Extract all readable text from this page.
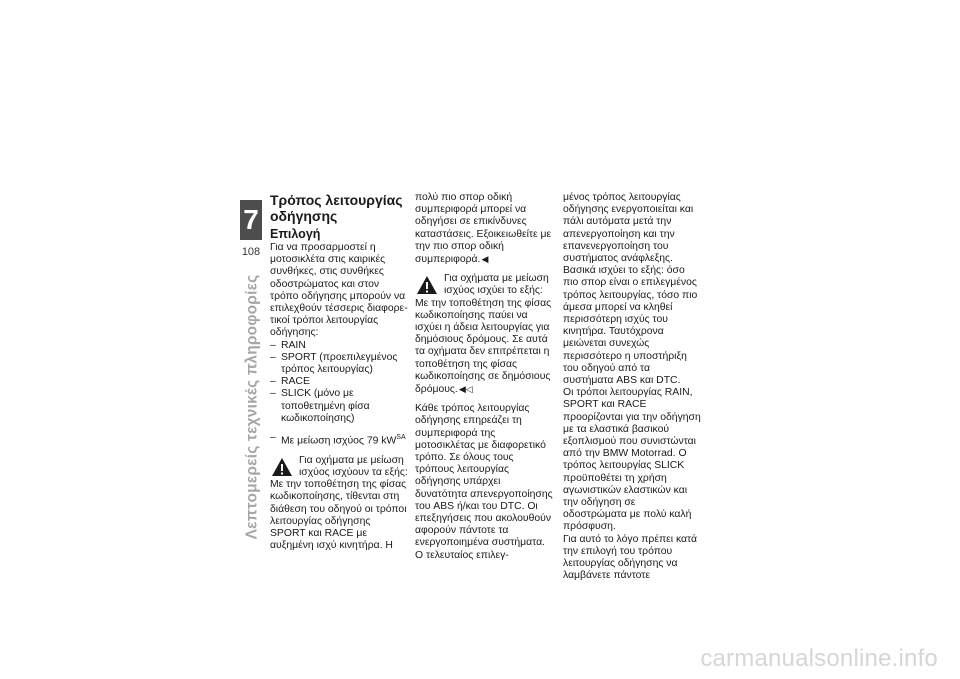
7
108
Λεπτομερείς τεχνικές πληροφορίες
Τρόπος λειτουργίας οδήγησης
Επιλογή

Για να προσαρμοστεί η μοτοσικλέτα στις καιρικές συνθήκες, στις συνθήκες οδοστρώματος και στον τρόπο οδήγησης μπορούν να επιλεχθούν τέσσερις διαφορετικοί τρόποι λειτουργίας οδήγησης:

– RAIN
– SPORT (προεπιλεγμένος τρόπος λειτουργίας)
– RACE
– SLICK (μόνο με τοποθετημένη φίσα κωδικοποίησης)
– Με μείωση ισχύος 79 $kW^{SA}$

Για οχήματα με μείωση ισχύος ισχύουν τα εξής: Με την τοποθέτηση της φίσας κωδικοποίησης, τίθενται στη διάθεση του οδηγού οι τρόποι λειτουργίας οδήγησης SPORT και RACE με αυξημένη ισχύ κινητήρα. Η

πολύ πιο σπορ οδική συμπεριφορά μπορεί να οδηγήσει σε επικίνδυνες καταστάσεις. Εξοικειωθείτε με την πιο σπορ οδική συμπεριφορά.◀

Για οχήματα με μείωση ισχύος ισχύει το εξής: Με την τοποθέτηση της φίσας κωδικοποίησης παύει να ισχύει η άδεια λειτουργίας για δημόσιους δρόμους. Σε αυτά τα οχήματα δεν επιτρέπεται η τοποθέτηση της φίσας κωδικοποίησης σε δημόσιους δρόμους.◀◁

Κάθε τρόπος λειτουργίας οδήγησης επηρεάζει τη συμπεριφορά της μοτοσικλέτας με διαφορετικό τρόπο. Σε όλους τους τρόπους λειτουργίας οδήγησης υπάρχει δυνατότητα απενεργοποίησης του ABS ή/και του DTC. Οι επεξηγήσεις που ακολουθούν αφορούν πάντοτε τα ενεργοποιημένα συστήματα. Ο τελευταίος επιλεγ-

μένος τρόπος λειτουργίας οδήγησης ενεργοποιείται και πάλι αυτόματα μετά την απενεργοποίηση και την επανενεργοποίηση του συστήματος ανάφλεξης.

Βασικά ισχύει το εξής: όσο πιο σπορ είναι ο επιλεγμένος τρόπος λειτουργίας, τόσο πιο άμεσα μπορεί να κληθεί περισσότερη ισχύς του κινητήρα. Ταυτόχρονα μειώνεται συνεχώς περισσότερο η υποστήριξη του οδηγού από τα συστήματα ABS και DTC.

Οι τρόποι λειτουργίας RAIN, SPORT και RACE προορίζονται για την οδήγηση με τα ελαστικά βασικού εξοπλισμού που συνιστώνται από την BMW Motorrad. Ο τρόπος λειτουργίας SLICK προϋποθέτει τη χρήση αγωνιστικών ελαστικών και την οδήγηση σε οδοστρώματα με πολύ καλή πρόσφυση.

Για αυτό το λόγο πρέπει κατά την επιλογή του τρόπου λειτουργίας οδήγησης να λαμβάνετε πάντοτε

carmanualsonline.info
